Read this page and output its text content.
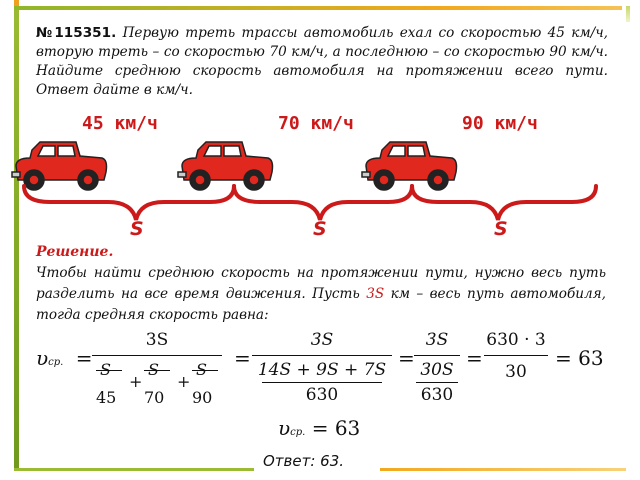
№115351. Первую треть трассы автомобиль ехал со скоростью 45 км/ч, вторую треть – со скоростью 70 км/ч, а последнюю – со скоростью 90 км/ч. Найдите среднюю скорость автомобиля на протяжении всего пути. Ответ дайте в км/ч.
45 км/ч	70 км/ч	90 км/ч
S	S	S
Решение.
Чтобы найти среднюю скорость на протяжении пути, нужно весь путь разделить на все время движения. Пусть 3S км – весь путь автомобиля, тогда средняя скорость равна:
υср. =
3S
S
45
+
S
70
+
S
90
=
3S
14S + 9S + 7S
630
=
3S
30S
630
=
630 · 3
30
= 63
υср. = 63
Ответ: 63.
